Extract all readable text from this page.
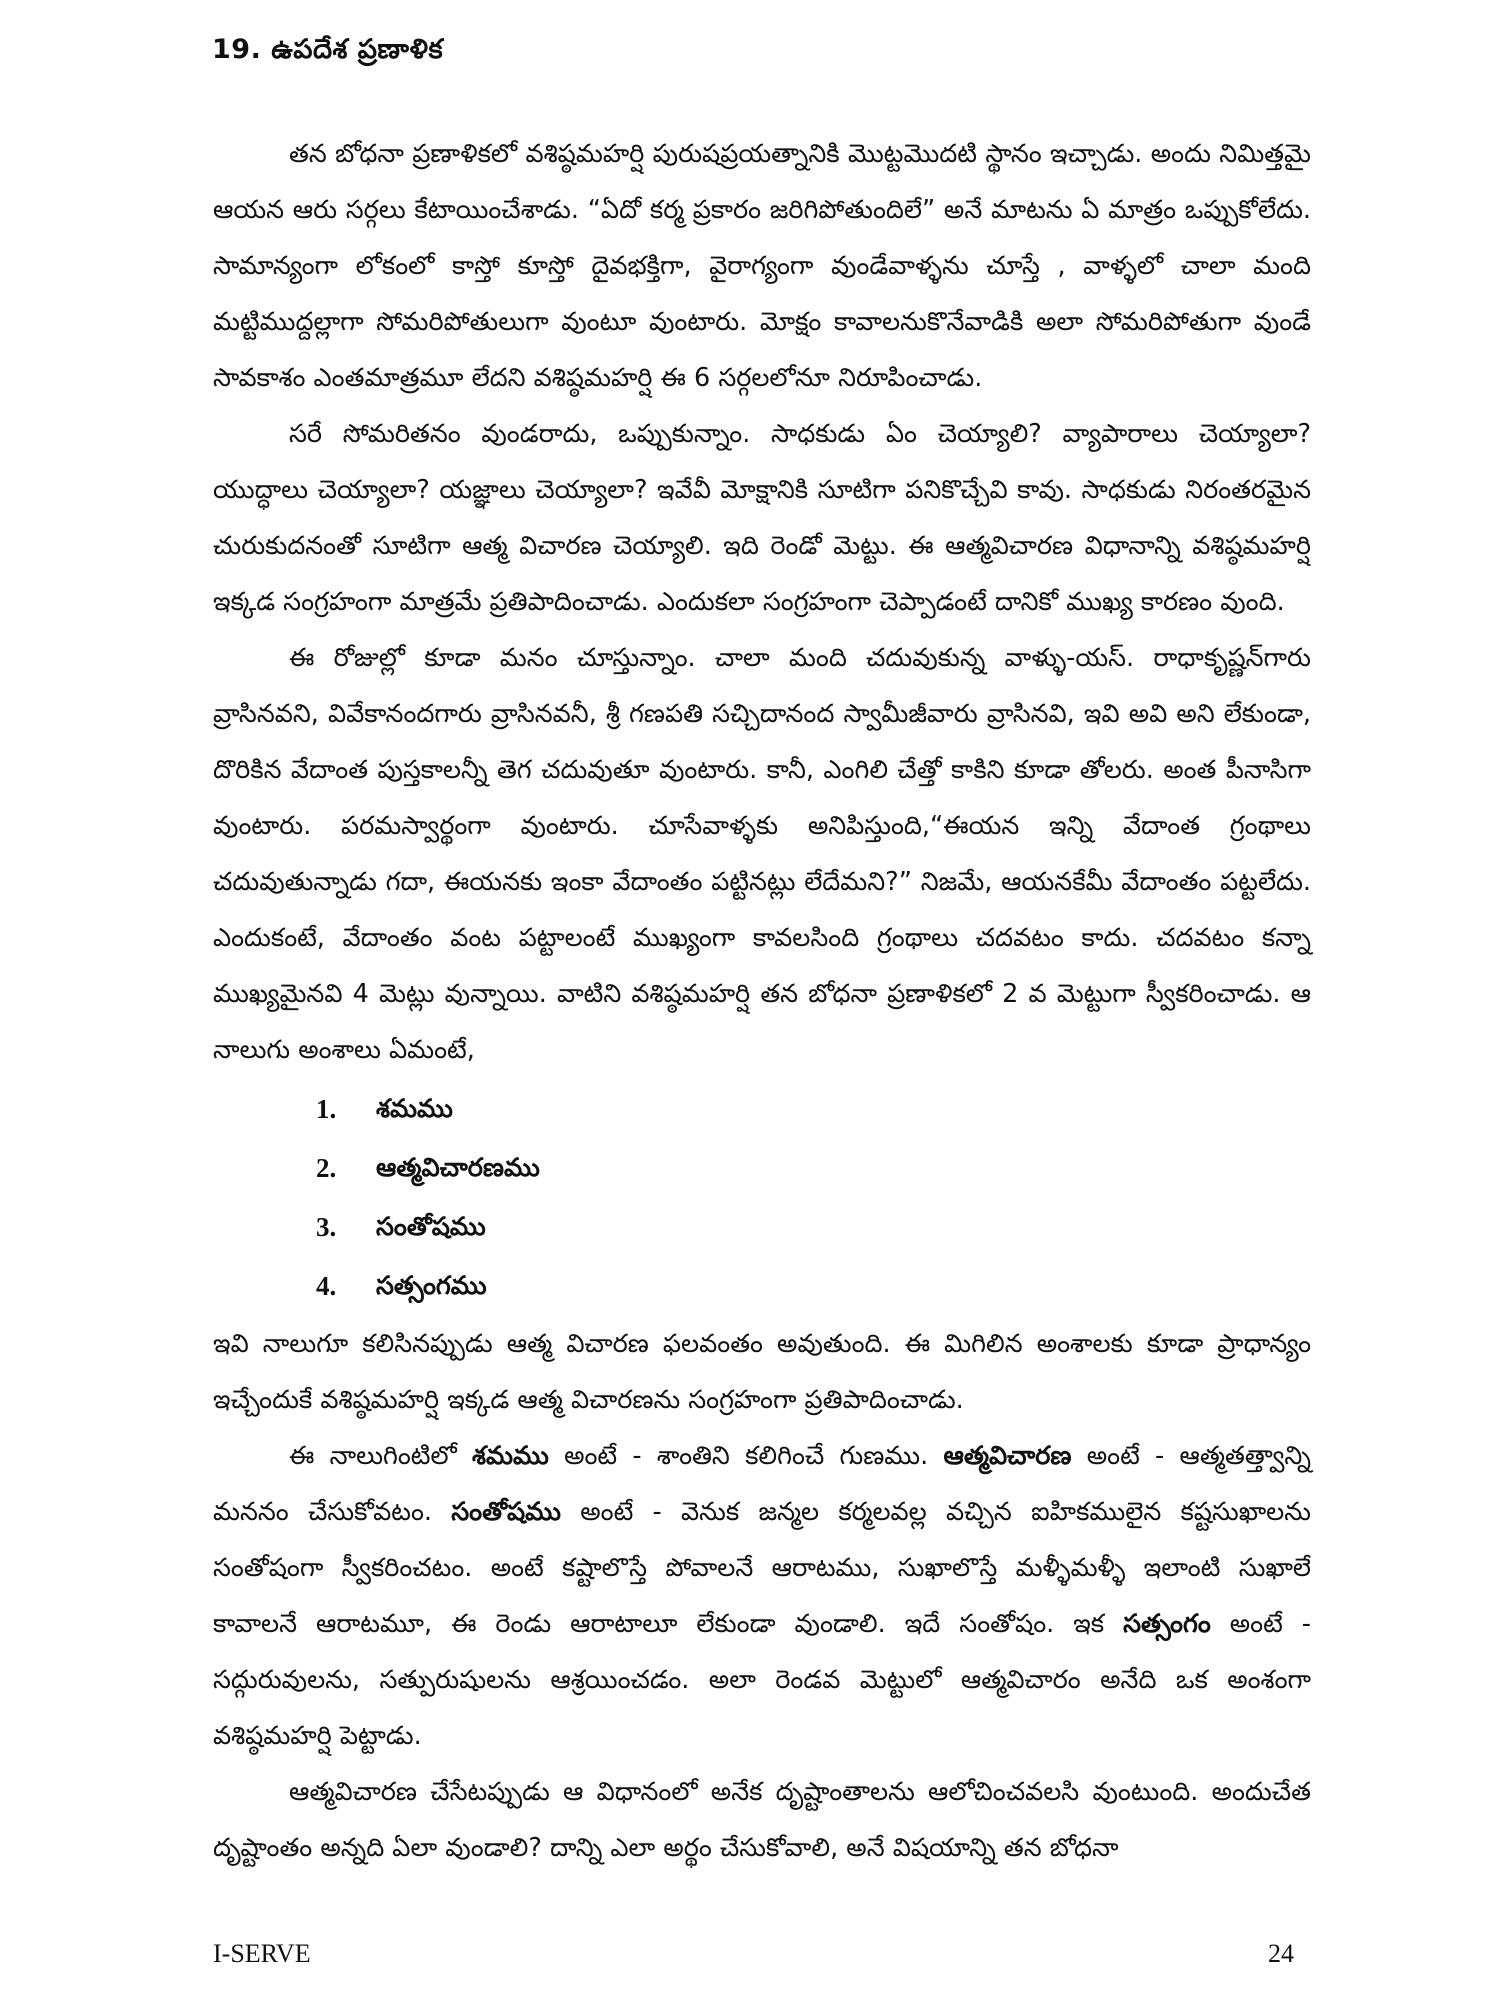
19. ఉపదేశ ప్రణాళిక

తన బోధనా ప్రణాళికలో వశిష్ఠమహర్షి పురుషప్రయత్నానికి మొట్టమొదటి స్థానం ఇచ్చాడు. అందు నిమిత్తమై ఆయన ఆరు సర్గలు కేటాయించేశాడు. “ఏదో కర్మ ప్రకారం జరిగిపోతుందిలే” అనే మాటను ఏ మాత్రం ఒప్పుకోలేదు. సామాన్యంగా లోకంలో కాస్తో కూస్తో దైవభక్తిగా, వైరాగ్యంగా వుండేవాళ్ళను చూస్తే , వాళ్ళలో చాలా మంది మట్టిముద్దల్లాగా సోమరిపోతులుగా వుంటూ వుంటారు. మోక్షం కావాలనుకొనేవాడికి అలా సోమరిపోతుగా వుండే సావకాశం ఎంతమాత్రమూ లేదని వశిష్ఠమహర్షి ఈ 6 సర్గలలోనూ నిరూపించాడు.

సరే సోమరితనం వుండరాదు, ఒప్పుకున్నాం. సాధకుడు ఏం చెయ్యాలి? వ్యాపారాలు చెయ్యాలా? యుద్ధాలు చెయ్యాలా? యజ్ఞాలు చెయ్యాలా? ఇవేవీ మోక్షానికి సూటిగా పనికొచ్చేవి కావు. సాధకుడు నిరంతరమైన చురుకుదనంతో సూటిగా ఆత్మ విచారణ చెయ్యాలి. ఇది రెండో మెట్టు. ఈ ఆత్మవిచారణ విధానాన్ని వశిష్ఠమహర్షి ఇక్కడ సంగ్రహంగా మాత్రమే ప్రతిపాదించాడు. ఎందుకలా సంగ్రహంగా చెప్పాడంటే దానికో ముఖ్య కారణం వుంది.

ఈ రోజుల్లో కూడా మనం చూస్తున్నాం. చాలా మంది చదువుకున్న వాళ్ళు-యస్. రాధాకృష్ణన్‌గారు వ్రాసినవని, వివేకానందగారు వ్రాసినవనీ, శ్రీ గణపతి సచ్చిదానంద స్వామీజీవారు వ్రాసినవి, ఇవి అవి అని లేకుండా, దొరికిన వేదాంత పుస్తకాలన్నీ తెగ చదువుతూ వుంటారు. కానీ, ఎంగిలి చేత్తో కాకిని కూడా తోలరు. అంత పీనాసిగా వుంటారు. పరమస్వార్థంగా వుంటారు. చూసేవాళ్ళకు అనిపిస్తుంది,“ఈయన ఇన్ని వేదాంత గ్రంథాలు చదువుతున్నాడు గదా, ఈయనకు ఇంకా వేదాంతం పట్టినట్లు లేదేమని?” నిజమే, ఆయనకేమీ వేదాంతం పట్టలేదు. ఎందుకంటే, వేదాంతం వంట పట్టాలంటే ముఖ్యంగా కావలసింది గ్రంథాలు చదవటం కాదు. చదవటం కన్నా ముఖ్యమైనవి 4 మెట్లు వున్నాయి. వాటిని వశిష్ఠమహర్షి తన బోధనా ప్రణాళికలో 2 వ మెట్టుగా స్వీకరించాడు. ఆ నాలుగు అంశాలు ఏమంటే,

1.	శమము
2.	ఆత్మవిచారణము
3.	సంతోషము
4.	సత్సంగము

ఇవి నాలుగూ కలిసినప్పుడు ఆత్మ విచారణ ఫలవంతం అవుతుంది. ఈ మిగిలిన అంశాలకు కూడా ప్రాధాన్యం ఇచ్చేందుకే వశిష్ఠమహర్షి ఇక్కడ ఆత్మ విచారణను సంగ్రహంగా ప్రతిపాదించాడు.

ఈ నాలుగింటిలో శమము అంటే - శాంతిని కలిగించే గుణము. ఆత్మవిచారణ అంటే - ఆత్మతత్త్వాన్ని మననం చేసుకోవటం. సంతోషము అంటే - వెనుక జన్మల కర్మలవల్ల వచ్చిన ఐహికములైన కష్టసుఖాలను సంతోషంగా స్వీకరించటం. అంటే కష్టాలొస్తే పోవాలనే ఆరాటము, సుఖాలొస్తే మళ్ళీమళ్ళీ ఇలాంటి సుఖాలే కావాలనే ఆరాటమూ, ఈ రెండు ఆరాటాలూ లేకుండా వుండాలి. ఇదే సంతోషం. ఇక సత్సంగం అంటే - సద్గురువులను, సత్పురుషులను ఆశ్రయించడం. అలా రెండవ మెట్టులో ఆత్మవిచారం అనేది ఒక అంశంగా వశిష్ఠమహర్షి పెట్టాడు.

ఆత్మవిచారణ చేసేటప్పుడు ఆ విధానంలో అనేక దృష్టాంతాలను ఆలోచించవలసి వుంటుంది. అందుచేత దృష్టాంతం అన్నది ఏలా వుండాలి? దాన్ని ఎలా అర్థం చేసుకోవాలి, అనే విషయాన్ని తన బోధనా

I-SERVE	24
